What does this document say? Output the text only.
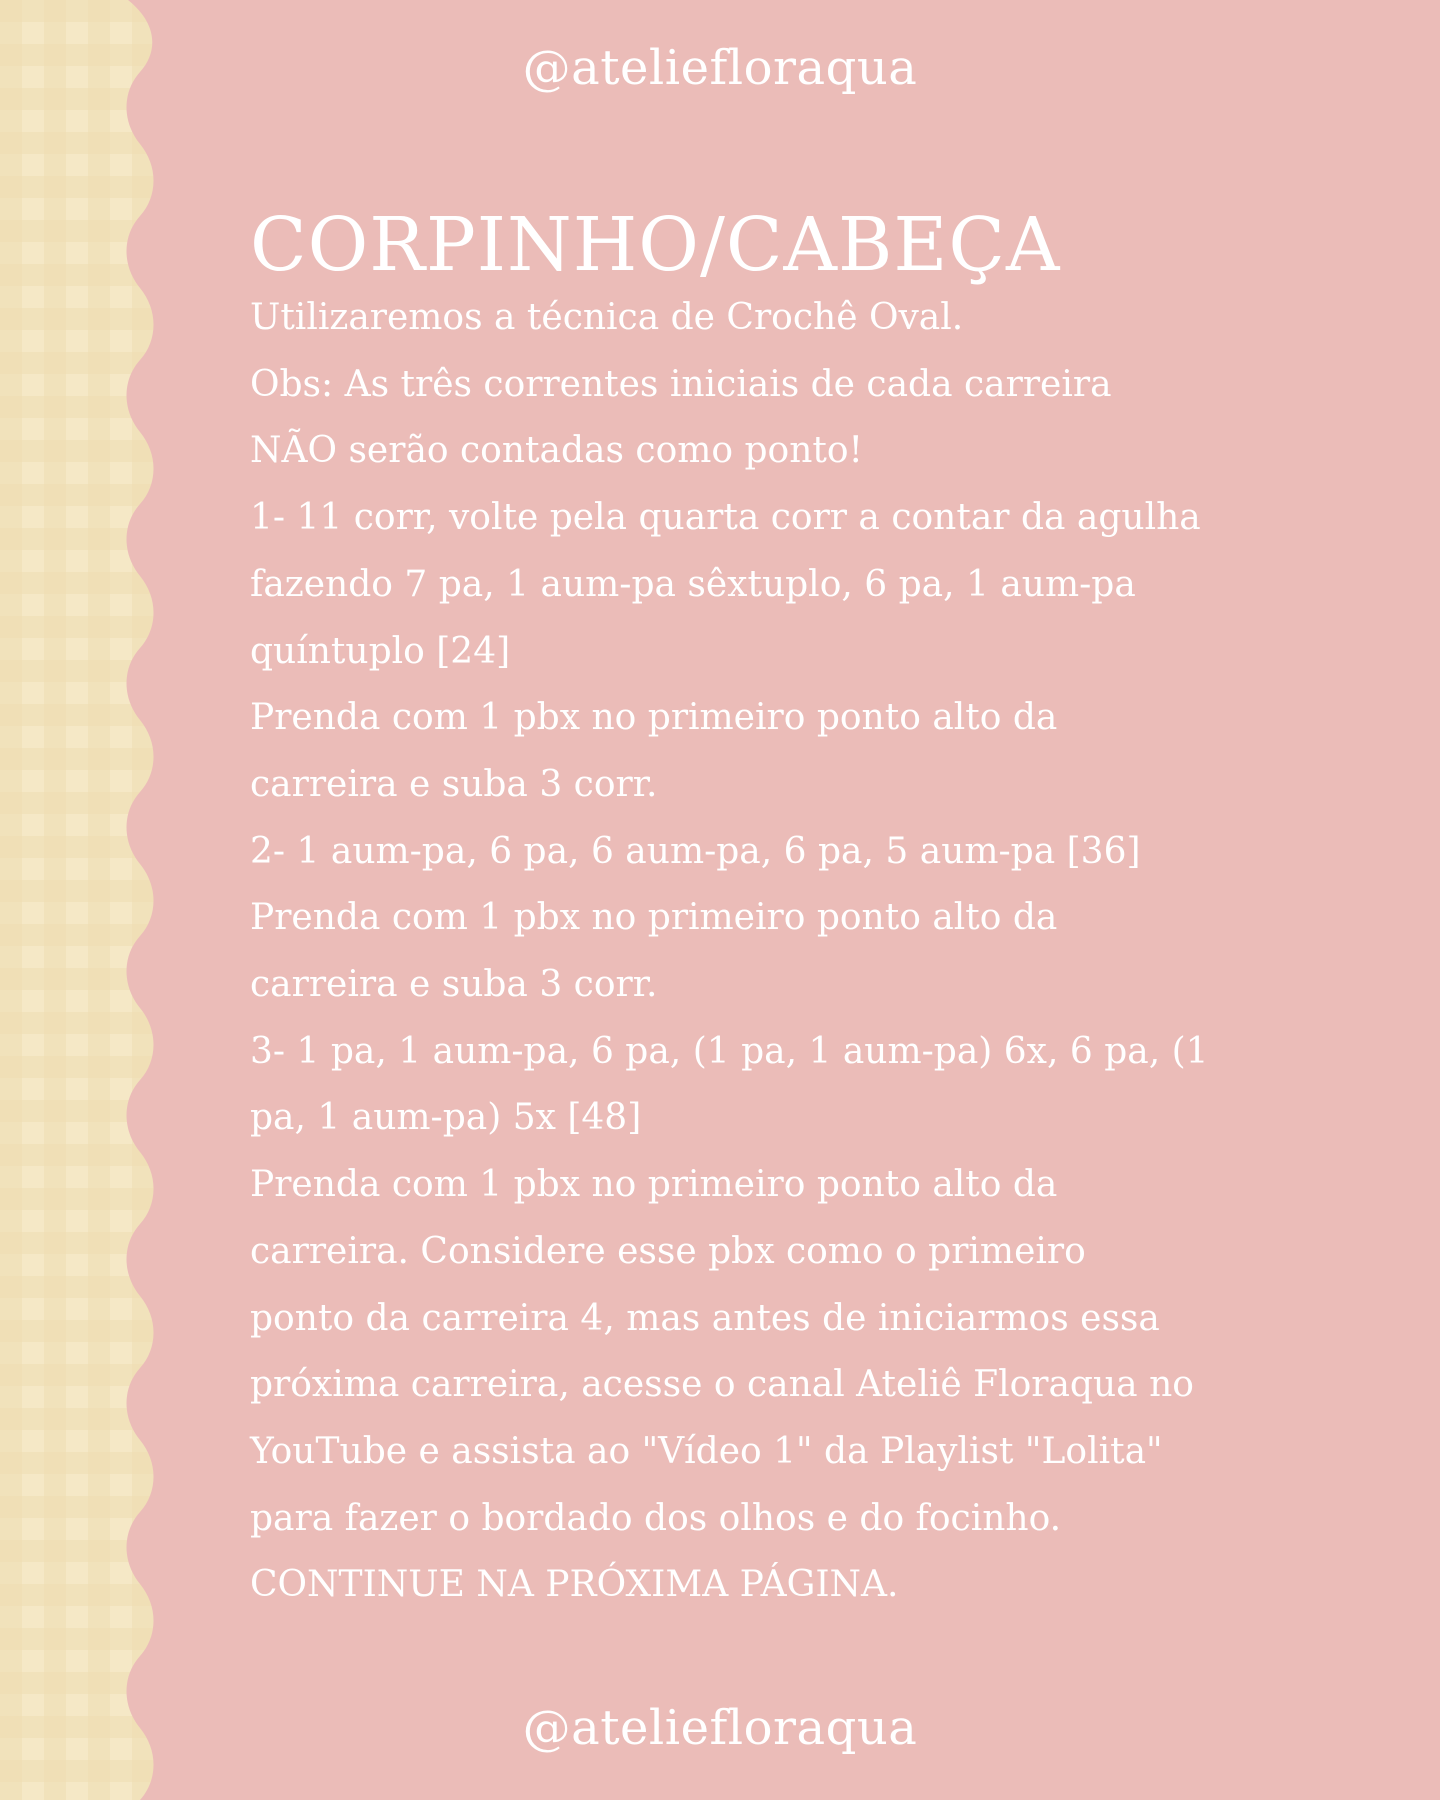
@ateliefloraqua
CORPINHO/CABEÇA
Utilizaremos a técnica de Crochê Oval.
Obs: As três correntes iniciais de cada carreira
NÃO serão contadas como ponto!
1- 11 corr, volte pela quarta corr a contar da agulha
fazendo 7 pa, 1 aum-pa sêxtuplo, 6 pa, 1 aum-pa
quíntuplo [24]
Prenda com 1 pbx no primeiro ponto alto da
carreira e suba 3 corr.
2- 1 aum-pa, 6 pa, 6 aum-pa, 6 pa, 5 aum-pa [36]
Prenda com 1 pbx no primeiro ponto alto da
carreira e suba 3 corr.
3- 1 pa, 1 aum-pa, 6 pa, (1 pa, 1 aum-pa) 6x, 6 pa, (1
pa, 1 aum-pa) 5x [48]
Prenda com 1 pbx no primeiro ponto alto da
carreira. Considere esse pbx como o primeiro
ponto da carreira 4, mas antes de iniciarmos essa
próxima carreira, acesse o canal Ateliê Floraqua no
YouTube e assista ao "Vídeo 1" da Playlist "Lolita"
para fazer o bordado dos olhos e do focinho.
CONTINUE NA PRÓXIMA PÁGINA.
@ateliefloraqua
